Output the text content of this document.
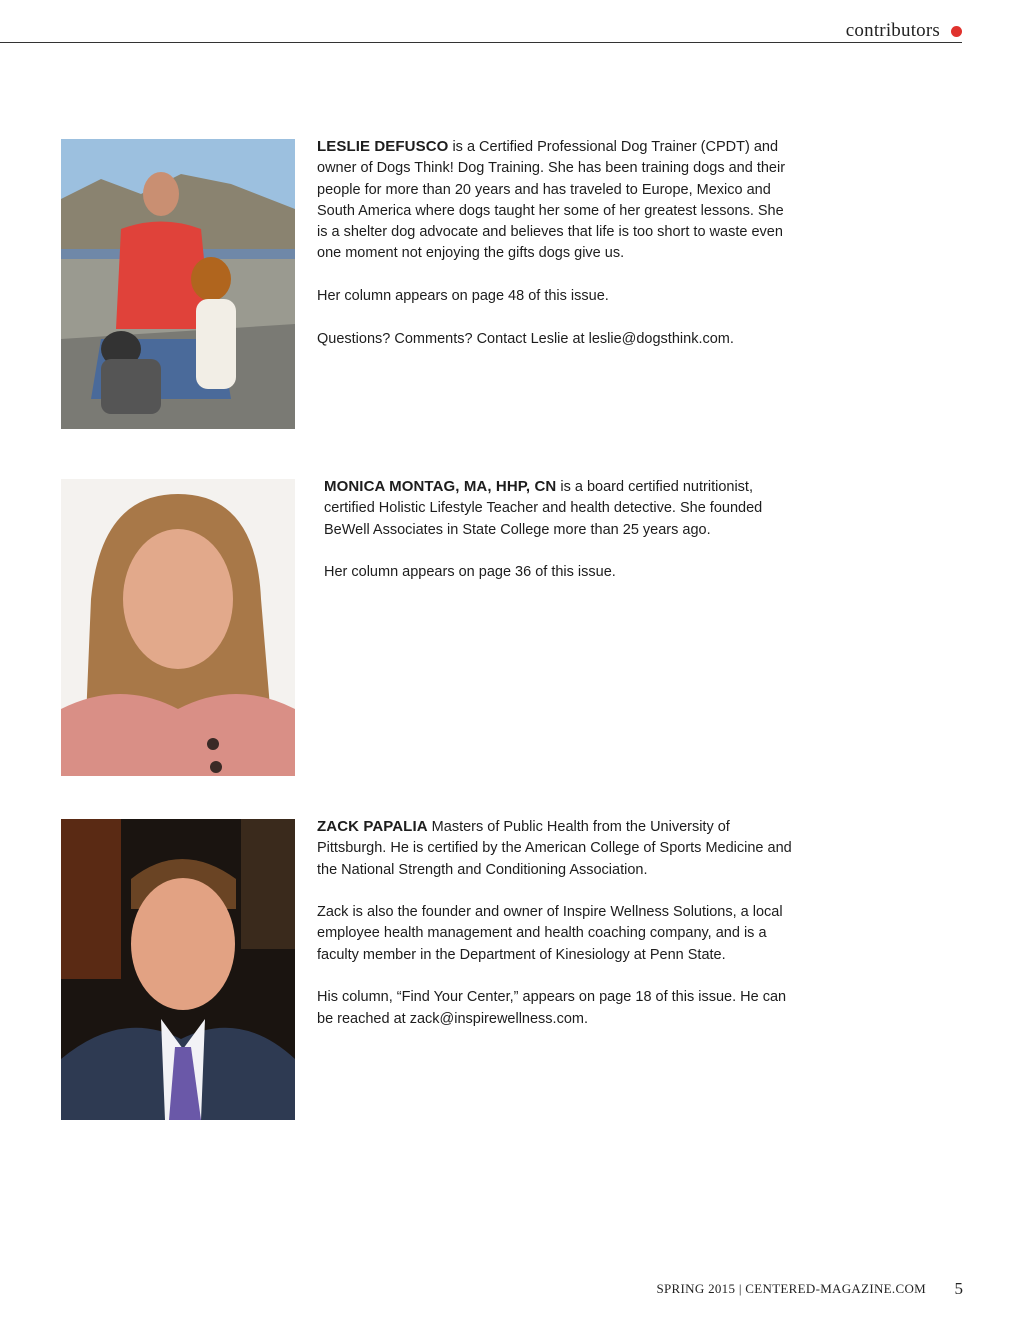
contributors

LESLIE DEFUSCO is a Certified Professional Dog Trainer (CPDT) and owner of Dogs Think! Dog Training. She has been training dogs and their people for more than 20 years and has traveled to Europe, Mexico and South America where dogs taught her some of her greatest lessons. She is a shelter dog advocate and believes that life is too short to waste even one moment not enjoying the gifts dogs give us.

Her column appears on page 48 of this issue.

Questions? Comments? Contact Leslie at leslie@dogsthink.com.

MONICA MONTAG, MA, HHP, CN is a board certified nutritionist, certified Holistic Lifestyle Teacher and health detective. She founded BeWell Associates in State College more than 25 years ago.

Her column appears on page 36 of this issue.

ZACK PAPALIA Masters of Public Health from the University of Pittsburgh. He is certified by the American College of Sports Medicine and the National Strength and Conditioning Association.

Zack is also the founder and owner of Inspire Wellness Solutions, a local employee health management and health coaching company, and is a faculty member in the Department of Kinesiology at Penn State.

His column, “Find Your Center,” appears on page 18 of this issue. He can be reached at zack@inspirewellness.com.

SPRING 2015 | CENTERED-MAGAZINE.COM 5
